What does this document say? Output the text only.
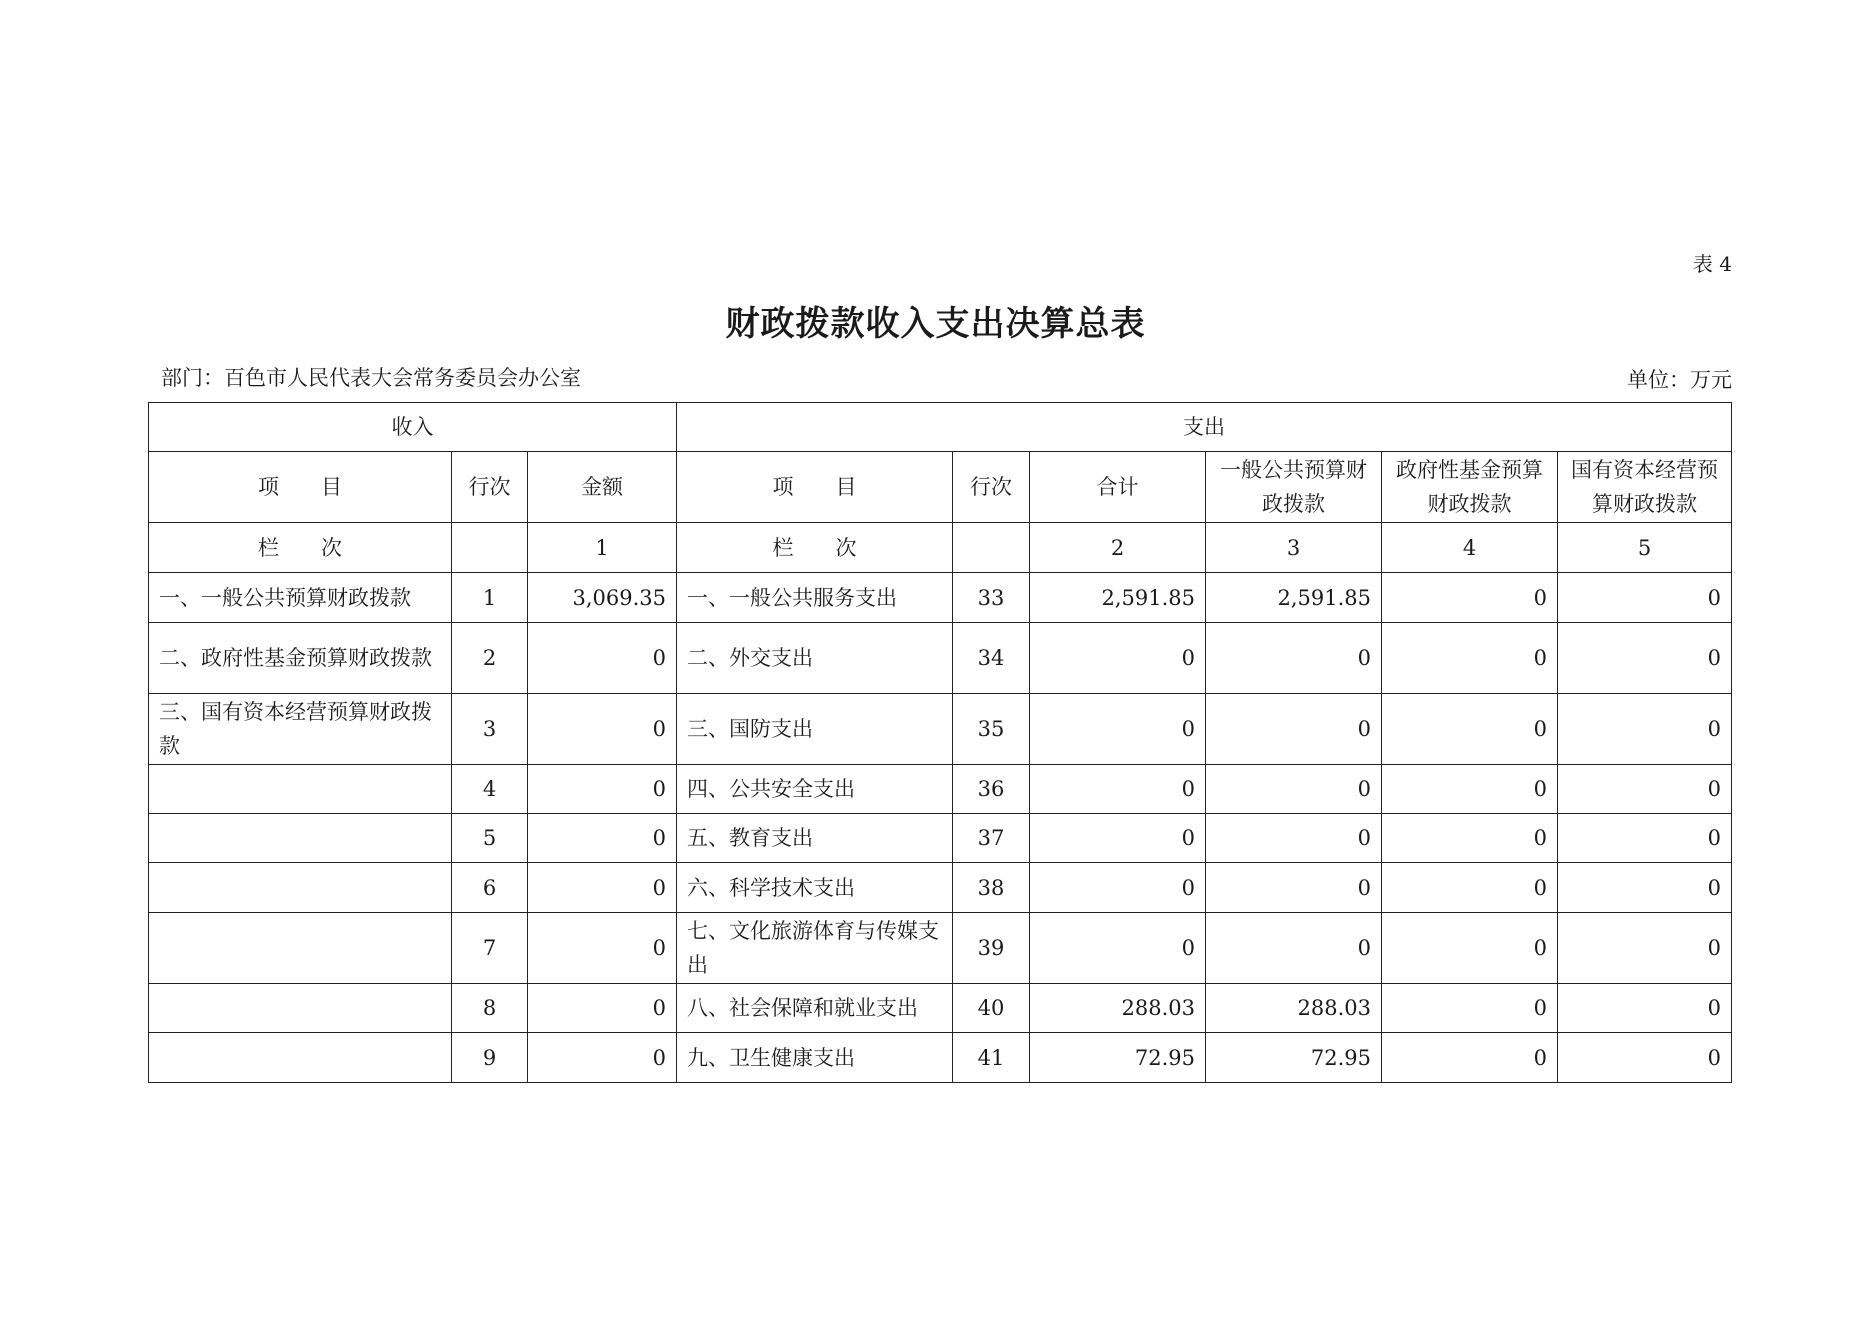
表 4
财政拨款收入支出决算总表
部门：百色市人民代表大会常务委员会办公室	单位：万元
收入			支出					
项　　目	行次	金额	项　　目	行次	合计	一般公共预算财政拨款	政府性基金预算财政拨款	国有资本经营预算财政拨款
栏　　次		1	栏　　次		2	3	4	5
一、一般公共预算财政拨款	1	3,069.35	一、一般公共服务支出	33	2,591.85	2,591.85	0	0
二、政府性基金预算财政拨款	2	0	二、外交支出	34	0	0	0	0
三、国有资本经营预算财政拨款	3	0	三、国防支出	35	0	0	0	0
	4	0	四、公共安全支出	36	0	0	0	0
	5	0	五、教育支出	37	0	0	0	0
	6	0	六、科学技术支出	38	0	0	0	0
	7	0	七、文化旅游体育与传媒支出	39	0	0	0	0
	8	0	八、社会保障和就业支出	40	288.03	288.03	0	0
	9	0	九、卫生健康支出	41	72.95	72.95	0	0
